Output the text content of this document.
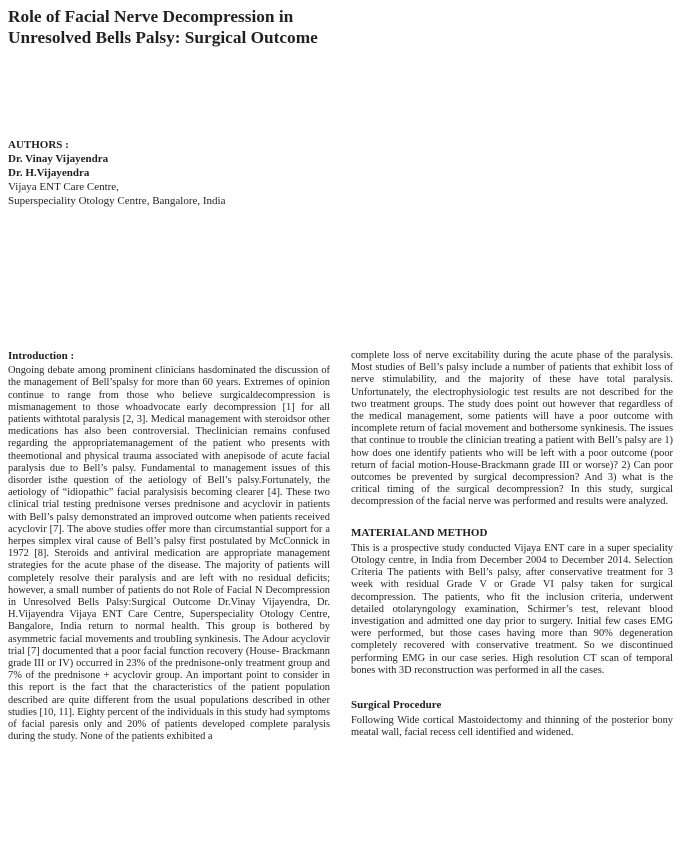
Role of Facial Nerve Decompression in
Unresolved Bells Palsy: Surgical Outcome
AUTHORS :
Dr. Vinay Vijayendra
Dr. H.Vijayendra
Vijaya ENT Care Centre,
Superspeciality Otology Centre, Bangalore, India
Introduction :

Ongoing debate among prominent clinicians hasdominated the discussion of the management of Bell’spalsy for more than 60 years. Extremes of opinion continue to range from those who believe surgicaldecompression is mismanagement to those whoadvocate early decompression [1] for all patients withtotal paralysis [2, 3]. Medical management with steroidsor other medications has also been controversial. Theclinician remains confused regarding the appropriatemanagement of the patient who presents with theemotional and physical trauma associated with anepisode of acute facial paralysis due to Bell’s palsy. Fundamental to management issues of this disorder isthe question of the aetiology of Bell’s palsy.Fortunately, the aetiology of “idiopathic” facial paralysisis becoming clearer [4]. These two clinical trial testing prednisone verses prednisone and acyclovir in patients with Bell’s palsy demonstrated an improved outcome when patients received acyclovir [7]. The above studies offer more than circumstantial support for a herpes simplex viral cause of Bell’s palsy first postulated by McConnick in 1972 [8]. Steroids and antiviral medication are appropriate management strategies for the acute phase of the disease. The majority of patients will completely resolve their paralysis and are left with no residual deficits; however, a small number of patients do not Role of Facial N Decompression in Unresolved Bells Palsy:Surgical Outcome Dr.Vinay Vijayendra, Dr. H.Vijayendra Vijaya ENT Care Centre, Superspeciality Otology Centre, Bangalore, India return to normal health. This group is bothered by asymmetric facial movements and troubling synkinesis. The Adour acyclovir trial [7] documented that a poor facial function recovery (House- Brackmann grade III or IV) occurred in 23% of the prednisone-only treatment group and 7% of the prednisone + acyclovir group. An important point to consider in this report is the fact that the characteristics of the patient population described are quite different from the usual populations described in other studies [10, 11]. Eighty percent of the individuals in this study had symptoms of facial paresis only and 20% of patients developed complete paralysis during the study. None of the patients exhibited a

complete loss of nerve excitability during the acute phase of the paralysis. Most studies of Bell’s palsy include a number of patients that exhibit loss of nerve stimulability, and the majority of these have total paralysis. Unfortunately, the electrophysiologic test results are not described for the two treatment groups. The study does point out however that regardless of the medical management, some patients will have a poor outcome with incomplete return of facial movement and bothersome synkinesis. The issues that continue to trouble the clinician treating a patient with Bell’s palsy are 1) how does one identify patients who will be left with a poor outcome (poor return of facial motion-House-Brackmann grade III or worse)? 2) Can poor outcomes be prevented by surgical decompression? And 3) what is the critical timing of the surgical decompression? In this study, surgical decompression of the facial nerve was performed and results were analyzed.

MATERIALAND METHOD

This is a prospective study conducted Vijaya ENT care in a super speciality Otology centre, in India from December 2004 to December 2014. Selection Criteria The patients with Bell’s palsy, after conservative treatment for 3 week with residual Grade V or Grade VI palsy taken for surgical decompression. The patients, who fit the inclusion criteria, underwent detailed otolaryngology examination, Schirmer’s test, relevant blood investigation and admitted one day prior to surgery. Initial few cases EMG were performed, but those cases having more than 90% degeneration completely recovered with conservative treatment. So we discontinued performing EMG in our case series. High resolution CT scan of temporal bones with 3D reconstruction was performed in all the cases.

Surgical Procedure

Following Wide cortical Mastoidectomy and thinning of the posterior bony meatal wall, facial recess cell identified and widened.
